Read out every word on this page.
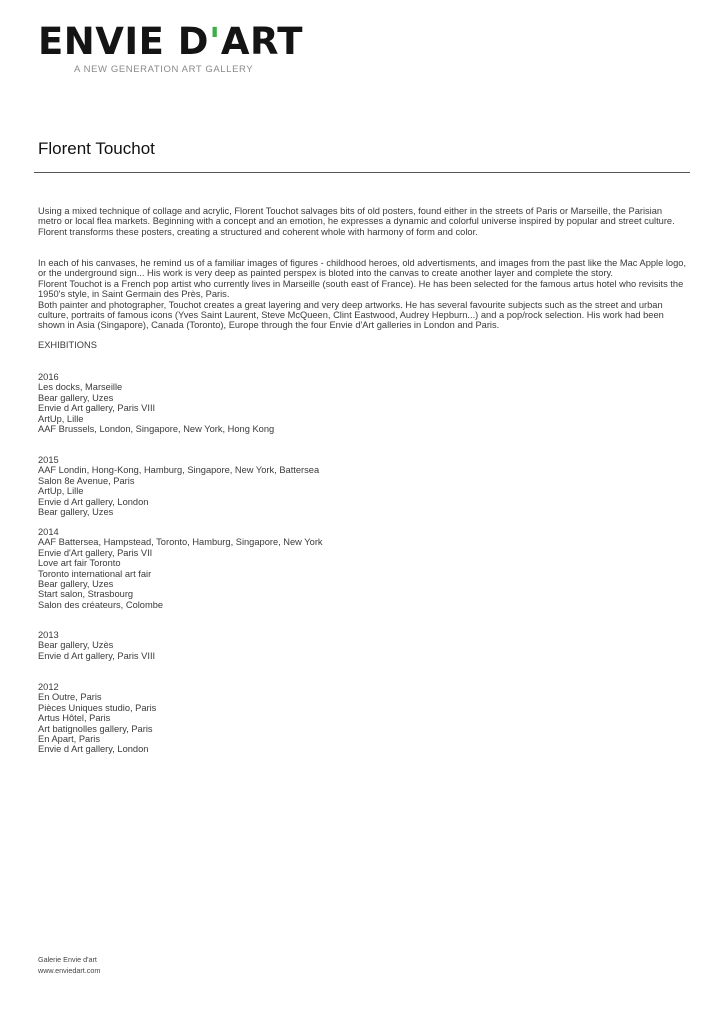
ENVIE D'ART
A NEW GENERATION ART GALLERY
Florent Touchot

Using a mixed technique of collage and acrylic, Florent Touchot salvages bits of old posters, found either in the streets of Paris or Marseille, the Parisian metro or local flea markets. Beginning with a concept and an emotion, he expresses a dynamic and colorful universe inspired by popular and street culture. Florent transforms these posters, creating a structured and coherent whole with harmony of form and color.

In each of his canvases, he remind us of a familiar images of figures - childhood heroes, old advertisments, and images from the past like the Mac Apple logo, or the underground sign... His work is very deep as painted perspex is bloted into the canvas to create another layer and complete the story.

Florent Touchot is a French pop artist who currently lives in Marseille (south east of France). He has been selected for the famous artus hotel who revisits the 1950's style, in Saint Germain des Près, Paris.

Both painter and photographer, Touchot creates a great layering and very deep artworks. He has several favourite subjects such as the street and urban culture, portraits of famous icons (Yves Saint Laurent, Steve McQueen, Clint Eastwood, Audrey Hepburn...) and a pop/rock selection. His work had been shown in Asia (Singapore), Canada (Toronto), Europe through the four Envie d'Art galleries in London and Paris.

EXHIBITIONS
2016
Les docks, Marseille
Bear gallery, Uzes
Envie d Art gallery, Paris VIII
ArtUp, Lille
AAF Brussels, London, Singapore, New York, Hong Kong
2015
AAF Londin, Hong-Kong, Hamburg, Singapore, New York, Battersea
Salon 8e Avenue, Paris
ArtUp, Lille
Envie d Art gallery, London
Bear gallery, Uzes
2014
AAF Battersea, Hampstead, Toronto, Hamburg, Singapore, New York
Envie d'Art gallery, Paris VII
Love art fair Toronto
Toronto international art fair
Bear gallery, Uzes
Start salon, Strasbourg
Salon des créateurs, Colombe
2013
Bear gallery, Uzès
Envie d Art gallery, Paris VIII
2012
En Outre, Paris
Pièces Uniques studio, Paris
Artus Hôtel, Paris
Art batignolles gallery, Paris
En Apart, Paris
Envie d Art gallery, London
Galerie Envie d'art
www.enviedart.com
